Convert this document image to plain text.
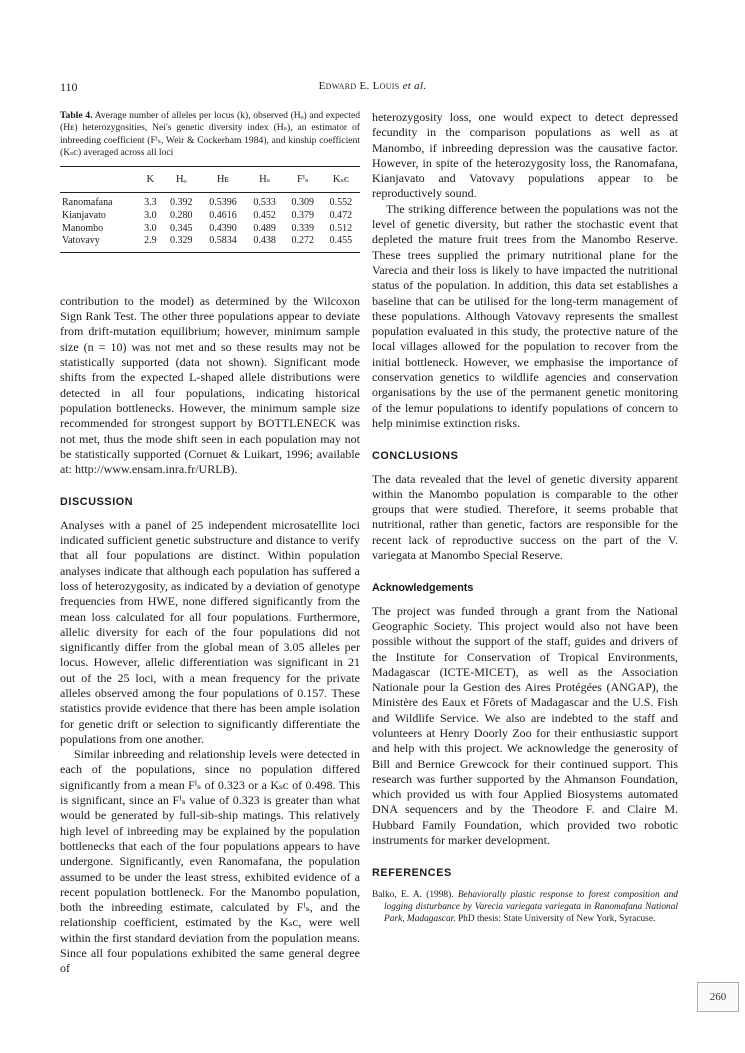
110	Edward E. Louis et al.

Table 4. Average number of alleles per locus (k), observed (Hₒ) and expected (Hᴇ) heterozygosities, Nei's genetic diversity index (Hₛ), an estimator of inbreeding coefficient (Fᴵₛ, Weir & Cockerham 1984), and kinship coefficient (Kₛᴄ) averaged across all loci

	K	Hₒ	Hᴇ	Hₛ	Fᴵₛ	Kₛᴄ
Ranomafana	3.3	0.392	0.5396	0.533	0.309	0.552
Kianjavato	3.0	0.280	0.4616	0.452	0.379	0.472
Manombo	3.0	0.345	0.4390	0.489	0.339	0.512
Vatovavy	2.9	0.329	0.5834	0.438	0.272	0.455

contribution to the model) as determined by the Wilcoxon Sign Rank Test. The other three populations appear to deviate from drift-mutation equilibrium; however, minimum sample size (n = 10) was not met and so these results may not be statistically supported (data not shown). Significant mode shifts from the expected L-shaped allele distributions were detected in all four populations, indicating historical population bottlenecks. However, the minimum sample size recommended for strongest support by BOTTLENECK was not met, thus the mode shift seen in each population may not be statistically supported (Cornuet & Luikart, 1996; available at: http://www.ensam.inra.fr/URLB).

DISCUSSION

Analyses with a panel of 25 independent microsatellite loci indicated sufficient genetic substructure and distance to verify that all four populations are distinct. Within population analyses indicate that although each population has suffered a loss of heterozygosity, as indicated by a deviation of genotype frequencies from HWE, none differed significantly from the mean loss calculated for all four populations. Furthermore, allelic diversity for each of the four populations did not significantly differ from the global mean of 3.05 alleles per locus. However, allelic differentiation was significant in 21 out of the 25 loci, with a mean frequency for the private alleles observed among the four populations of 0.157. These statistics provide evidence that there has been ample isolation for genetic drift or selection to significantly differentiate the populations from one another.

Similar inbreeding and relationship levels were detected in each of the populations, since no population differed significantly from a mean Fᴵₛ of 0.323 or a Kₛᴄ of 0.498. This is significant, since an Fᴵₛ value of 0.323 is greater than what would be generated by full-sib-ship matings. This relatively high level of inbreeding may be explained by the population bottlenecks that each of the four populations appears to have undergone. Significantly, even Ranomafana, the population assumed to be under the least stress, exhibited evidence of a recent population bottleneck. For the Manombo population, both the inbreeding estimate, calculated by Fᴵₛ, and the relationship coefficient, estimated by the Kₛᴄ, were well within the first standard deviation from the population means. Since all four populations exhibited the same general degree of

heterozygosity loss, one would expect to detect depressed fecundity in the comparison populations as well as at Manombo, if inbreeding depression was the causative factor. However, in spite of the heterozygosity loss, the Ranomafana, Kianjavato and Vatovavy populations appear to be reproductively sound.

The striking difference between the populations was not the level of genetic diversity, but rather the stochastic event that depleted the mature fruit trees from the Manombo Reserve. These trees supplied the primary nutritional plane for the Varecia and their loss is likely to have impacted the nutritional status of the population. In addition, this data set establishes a baseline that can be utilised for the long-term management of these populations. Although Vatovavy represents the smallest population evaluated in this study, the protective nature of the local villages allowed for the population to recover from the initial bottleneck. However, we emphasise the importance of conservation genetics to wildlife agencies and conservation organisations by the use of the permanent genetic monitoring of the lemur populations to identify populations of concern to help minimise extinction risks.

CONCLUSIONS

The data revealed that the level of genetic diversity apparent within the Manombo population is comparable to the other groups that were studied. Therefore, it seems probable that nutritional, rather than genetic, factors are responsible for the recent lack of reproductive success on the part of the V. variegata at Manombo Special Reserve.

Acknowledgements

The project was funded through a grant from the National Geographic Society. This project would also not have been possible without the support of the staff, guides and drivers of the Institute for Conservation of Tropical Environments, Madagascar (ICTE-MICET), as well as the Association Nationale pour la Gestion des Aires Protégées (ANGAP), the Ministère des Eaux et Fôrets of Madagascar and the U.S. Fish and Wildlife Service. We also are indebted to the staff and volunteers at Henry Doorly Zoo for their enthusiastic support and help with this project. We acknowledge the generosity of Bill and Bernice Grewcock for their continued support. This research was further supported by the Ahmanson Foundation, which provided us with four Applied Biosystems automated DNA sequencers and by the Theodore F. and Claire M. Hubbard Family Foundation, which provided two robotic instruments for marker development.

REFERENCES

Balko, E. A. (1998). Behaviorally plastic response to forest composition and logging disturbance by Varecia variegata variegata in Ranomafana National Park, Madagascar. PhD thesis: State University of New York, Syracuse.

260
